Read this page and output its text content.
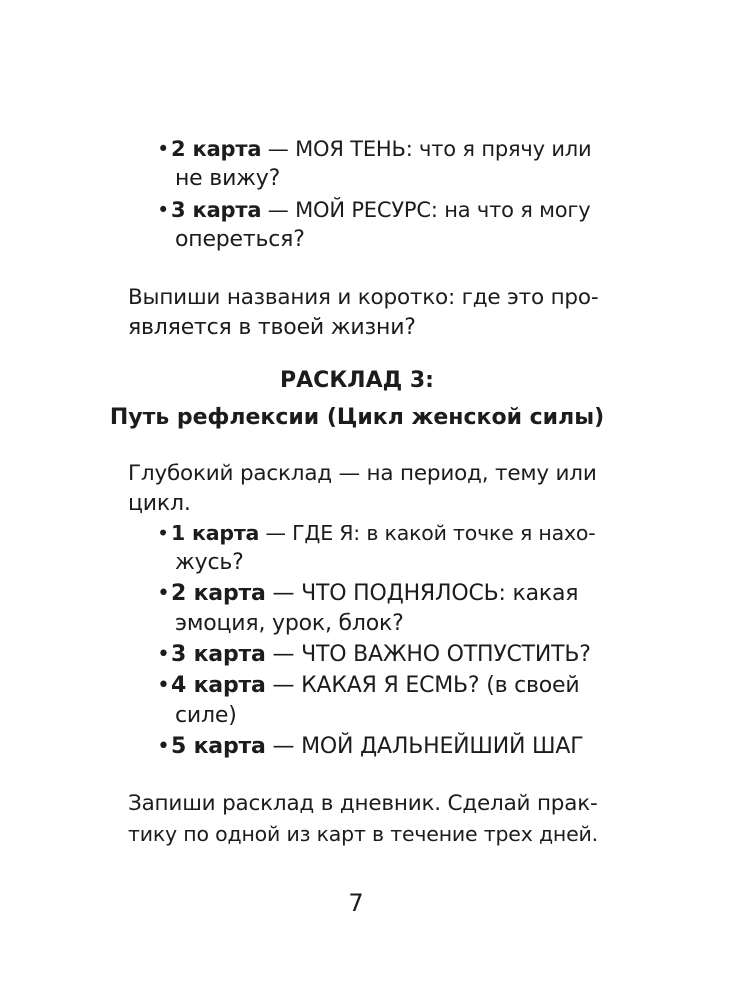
•2 карта — МОЯ ТЕНЬ: что я прячу или
не вижу?
•3 карта — МОЙ РЕСУРС: на что я могу
опереться?
Выпиши названия и коротко: где это про-
является в твоей жизни?
РАСКЛАД 3:
Путь рефлексии (Цикл женской силы)
Глубокий расклад — на период, тему или
цикл.
• 1 карта — ГДЕ Я: в какой точке я нахо-
жусь?
•2 карта — ЧТО ПОДНЯЛОСЬ: какая
эмоция, урок, блок?
•3 карта — ЧТО ВАЖНО ОТПУСТИТЬ?
•4 карта — КАКАЯ Я ЕСМЬ? (в своей
силе)
•5 карта — МОЙ ДАЛЬНЕЙШИЙ ШАГ
Запиши расклад в дневник. Сделай прак-
тику по одной из карт в течение трех дней.
7
